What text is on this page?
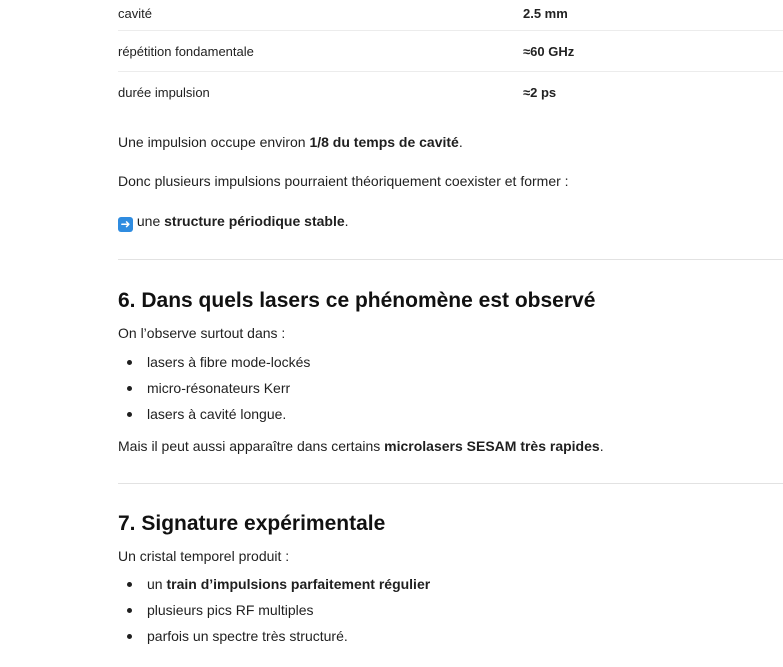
cavité	2.5 mm
répétition fondamentale	≈60 GHz
durée impulsion	≈2 ps

Une impulsion occupe environ 1/8 du temps de cavité.

Donc plusieurs impulsions pourraient théoriquement coexister et former :

➜ une structure périodique stable.

6. Dans quels lasers ce phénomène est observé

On l’observe surtout dans :

lasers à fibre mode-lockés
micro-résonateurs Kerr
lasers à cavité longue.

Mais il peut aussi apparaître dans certains microlasers SESAM très rapides.

7. Signature expérimentale

Un cristal temporel produit :

un train d’impulsions parfaitement régulier
plusieurs pics RF multiples
parfois un spectre très structuré.
